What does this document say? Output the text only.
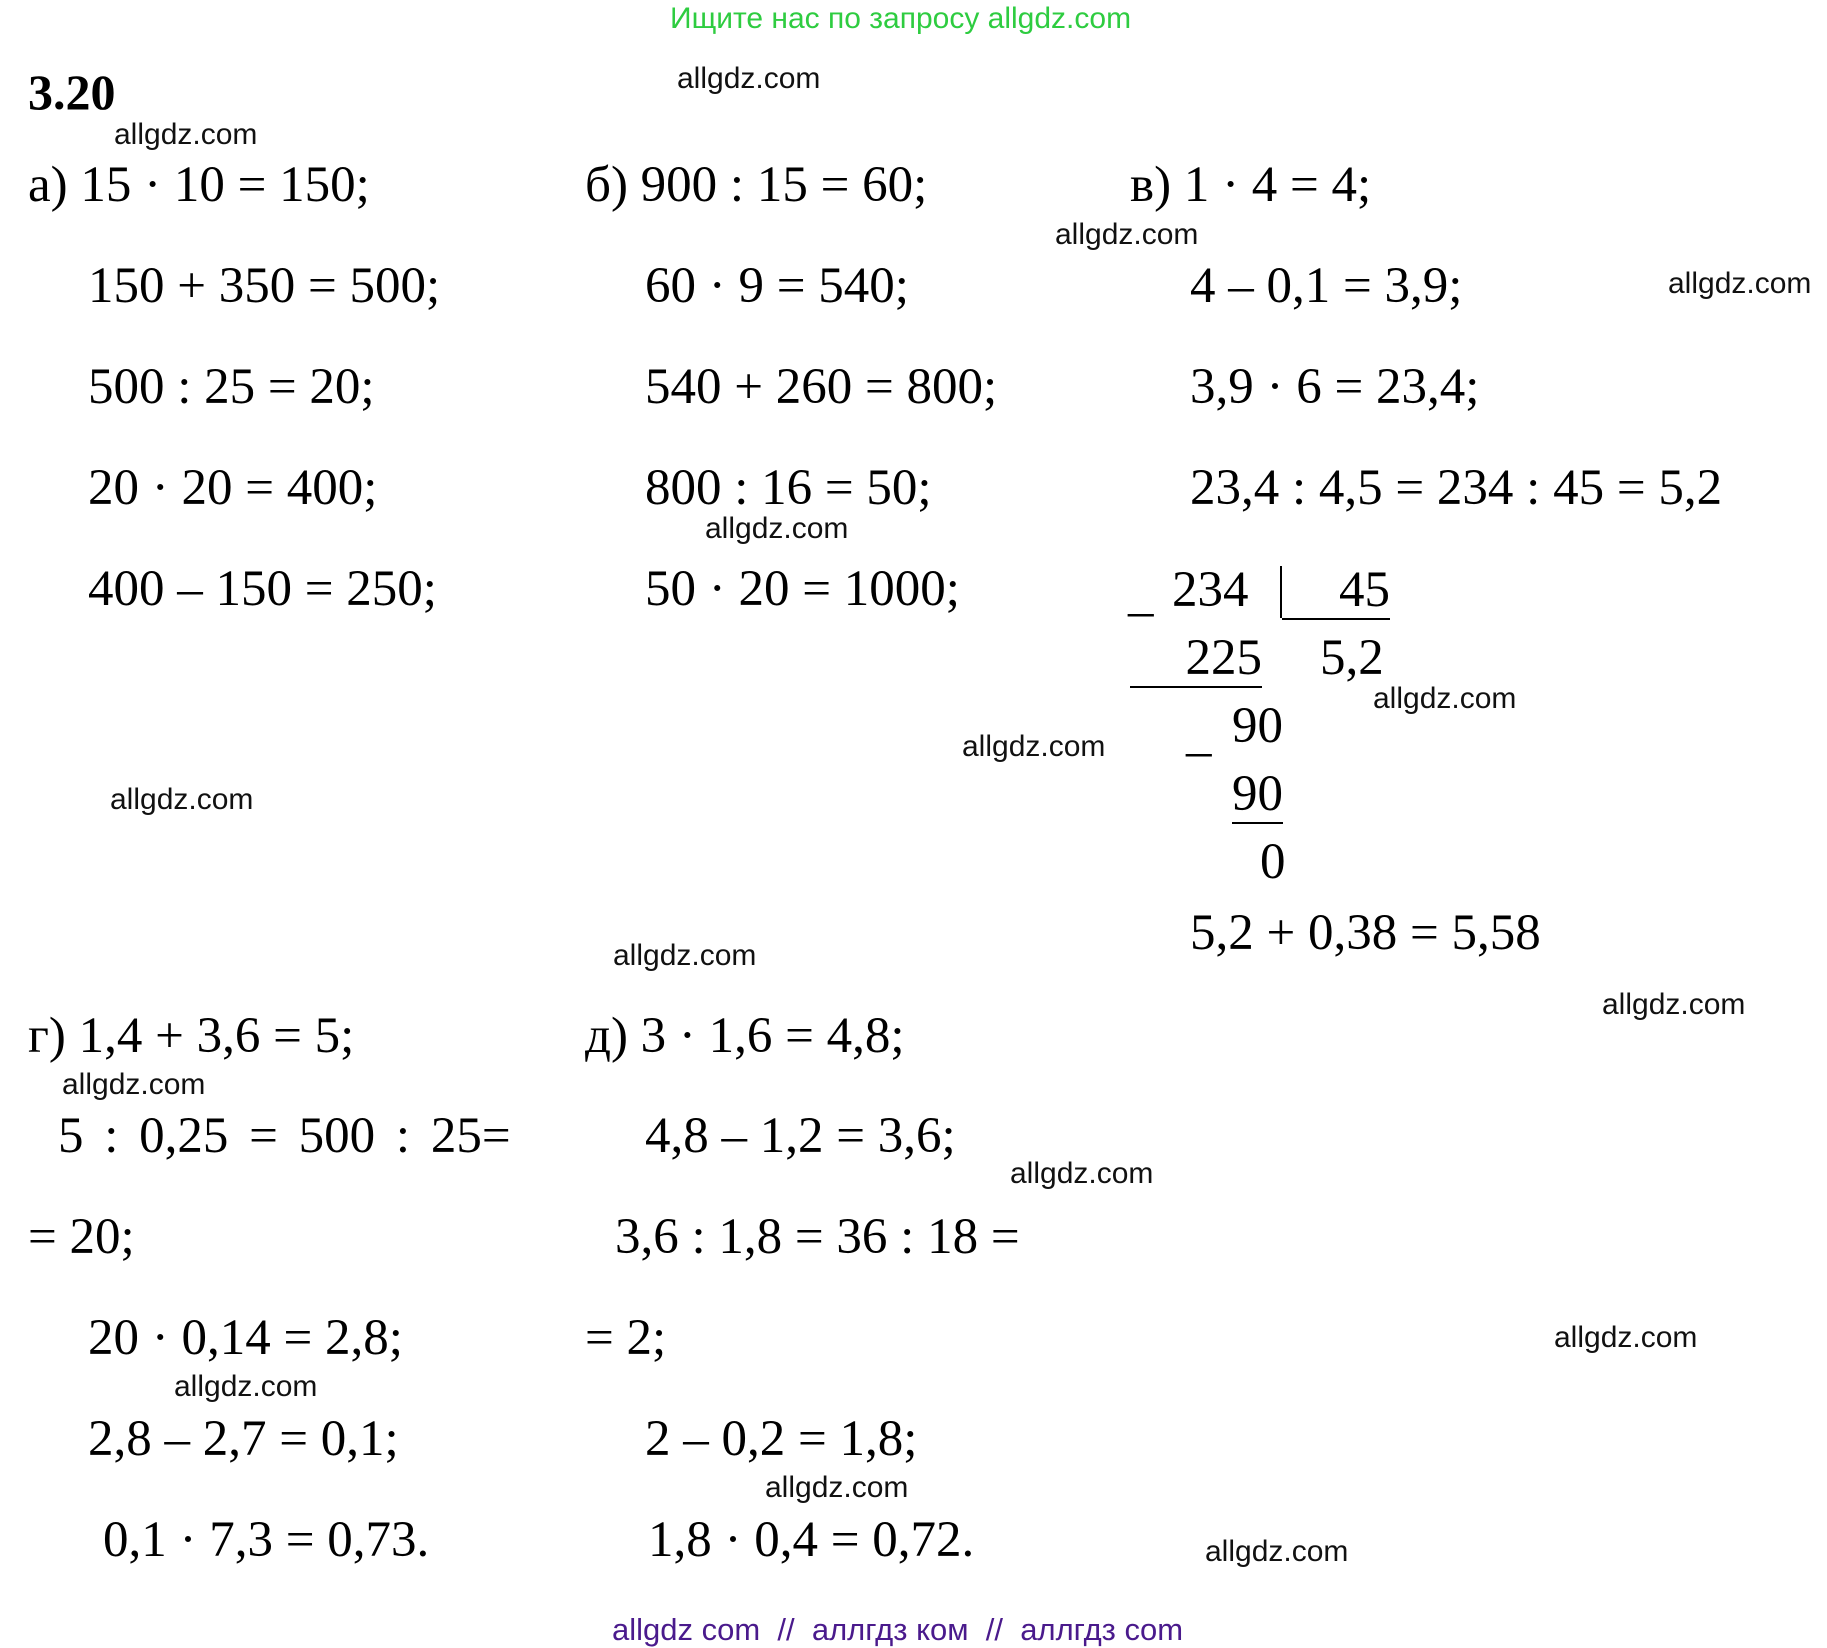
Ищите нас по запросу allgdz.com
3.20
а) 15 · 10 = 150;
150 + 350 = 500;
500 : 25 = 20;
20 · 20 = 400;
400 – 150 = 250;
б) 900 : 15 = 60;
60 · 9 = 540;
540 + 260 = 800;
800 : 16 = 50;
50 · 20 = 1000;
в) 1 · 4 = 4;
4 – 0,1 = 3,9;
3,9 · 6 = 23,4;
23,4 : 4,5 = 234 : 45 = 5,2
_ 234	45
225 5,2
_ 90
90
0
5,2 + 0,38 = 5,58
г) 1,4 + 3,6 = 5;
5 : 0,25 = 500 : 25=
= 20;
20 · 0,14 = 2,8;
2,8 – 2,7 = 0,1;
0,1 · 7,3 = 0,73.
д) 3 · 1,6 = 4,8;
4,8 – 1,2 = 3,6;
3,6 : 1,8 = 36 : 18 =
= 2;
2 – 0,2 = 1,8;
1,8 · 0,4 = 0,72.
allgdz.com
allgdz.com
allgdz.com
allgdz.com
allgdz.com
allgdz.com
allgdz.com
allgdz.com
allgdz.com
allgdz.com
allgdz.com
allgdz.com
allgdz.com
allgdz.com
allgdz.com
allgdz.com
allgdz com  //  аллгдз ком  //  аллгдз com
